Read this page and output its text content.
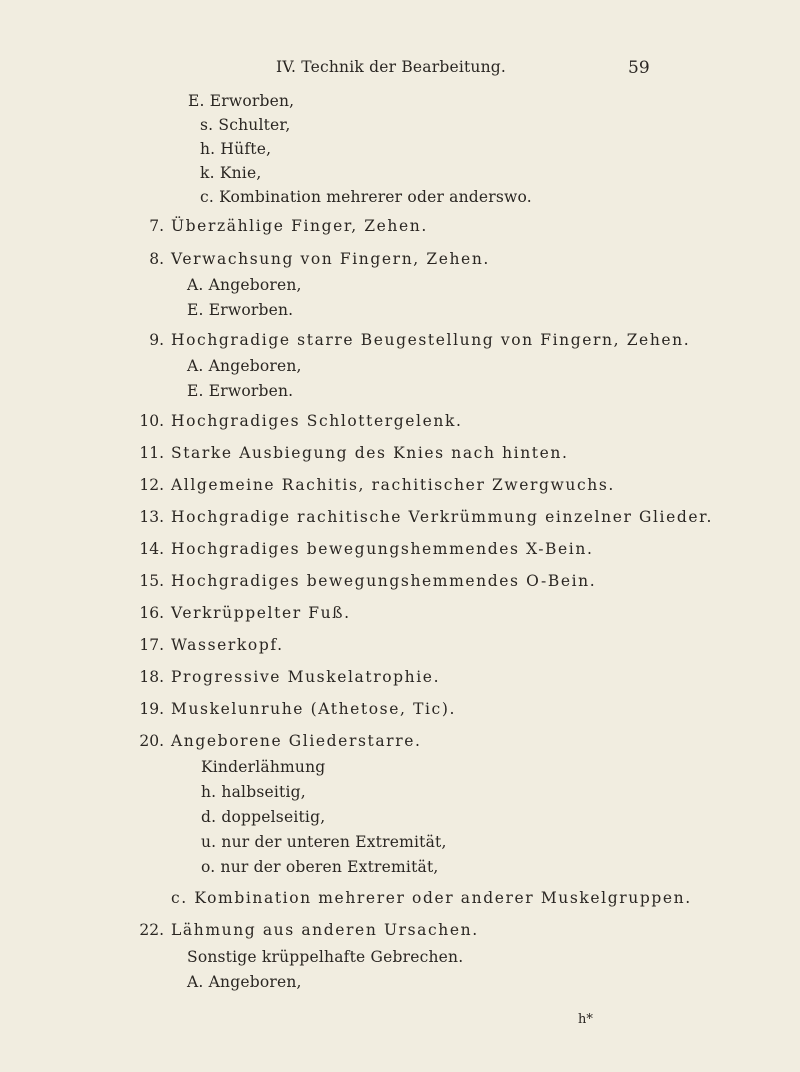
IV. Technik der Bearbeitung.	59
E. Erworben,
s. Schulter,
h. Hüfte,
k. Knie,
c. Kombination mehrerer oder anderswo.
7. Überzählige Finger, Zehen.
8. Verwachsung von Fingern, Zehen.
A. Angeboren,
E. Erworben.
9. Hochgradige starre Beugestellung von Fingern, Zehen.
A. Angeboren,
E. Erworben.
10. Hochgradiges Schlottergelenk.
11. Starke Ausbiegung des Knies nach hinten.
12. Allgemeine Rachitis, rachitischer Zwergwuchs.
13. Hochgradige rachitische Verkrümmung einzelner Glieder.
14. Hochgradiges bewegungshemmendes X-Bein.
15. Hochgradiges bewegungshemmendes O-Bein.
16. Verkrüppelter Fuß.
17. Wasserkopf.
18. Progressive Muskelatrophie.
19. Muskelunruhe (Athetose, Tic).
20. Angeborene Gliederstarre.
Kinderlähmung
h. halbseitig,
d. doppelseitig,
u. nur der unteren Extremität,
o. nur der oberen Extremität,
c. Kombination mehrerer oder anderer Muskelgruppen.
22. Lähmung aus anderen Ursachen.
Sonstige krüppelhafte Gebrechen.
A. Angeboren,
h*
